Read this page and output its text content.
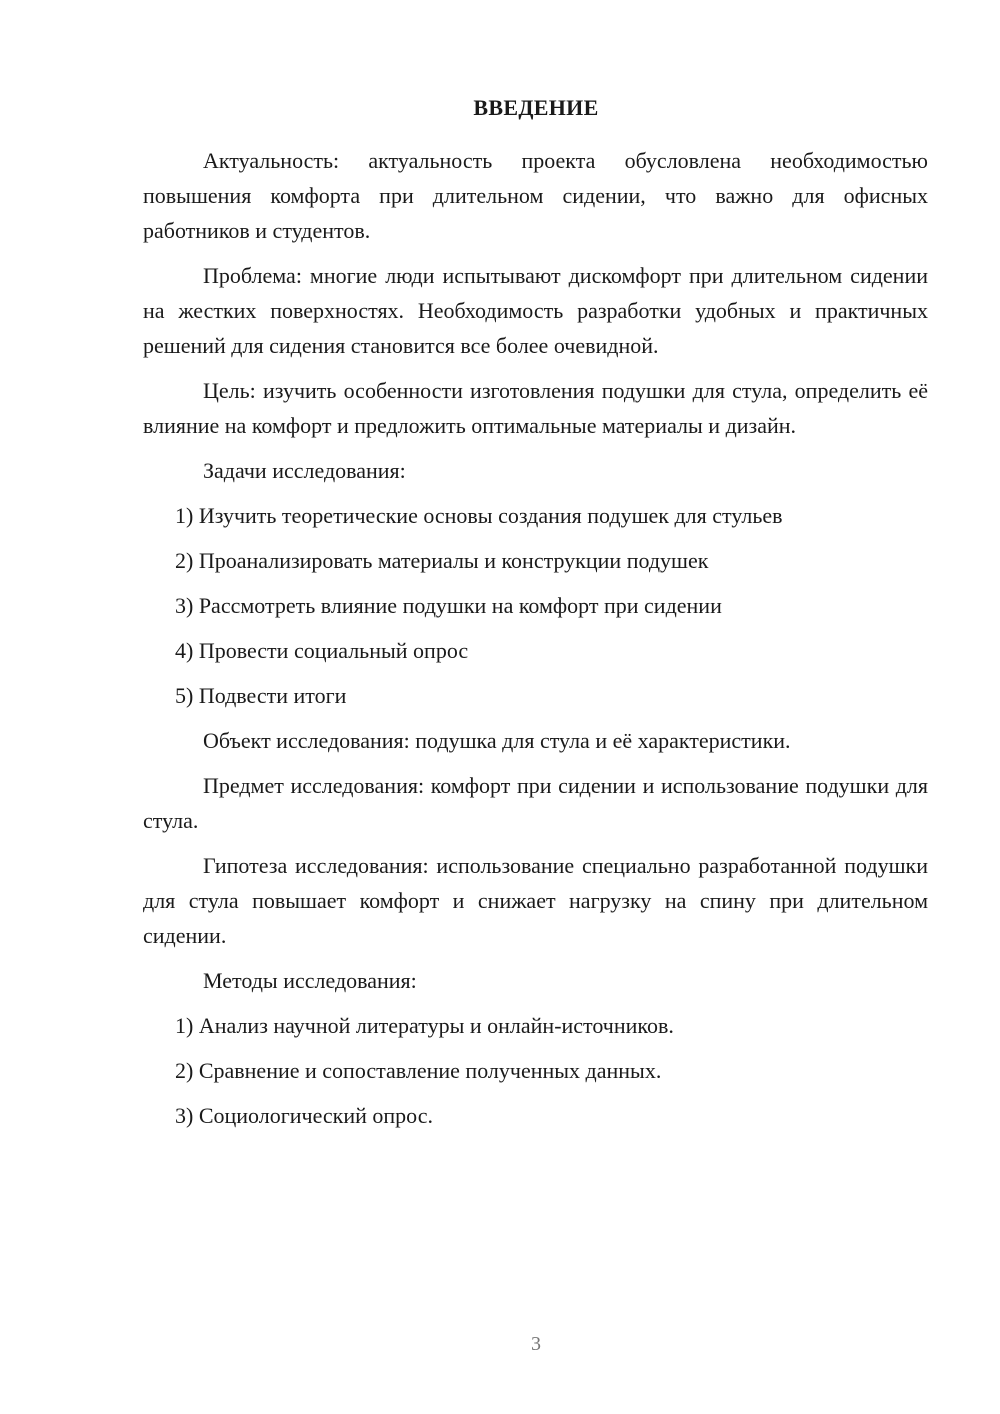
ВВЕДЕНИЕ

Актуальность: актуальность проекта обусловлена необходимостью повышения комфорта при длительном сидении, что важно для офисных работников и студентов.

Проблема: многие люди испытывают дискомфорт при длительном сидении на жестких поверхностях. Необходимость разработки удобных и практичных решений для сидения становится все более очевидной.

Цель: изучить особенности изготовления подушки для стула, определить её влияние на комфорт и предложить оптимальные материалы и дизайн.

Задачи исследования:

1) Изучить теоретические основы создания подушек для стульев
2) Проанализировать материалы и конструкции подушек
3) Рассмотреть влияние подушки на комфорт при сидении
4) Провести социальный опрос
5) Подвести итоги

Объект исследования: подушка для стула и её характеристики.

Предмет исследования: комфорт при сидении и использование подушки для стула.

Гипотеза исследования: использование специально разработанной подушки для стула повышает комфорт и снижает нагрузку на спину при длительном сидении.

Методы исследования:

1) Анализ научной литературы и онлайн-источников.
2) Сравнение и сопоставление полученных данных.
3) Социологический опрос.
3
